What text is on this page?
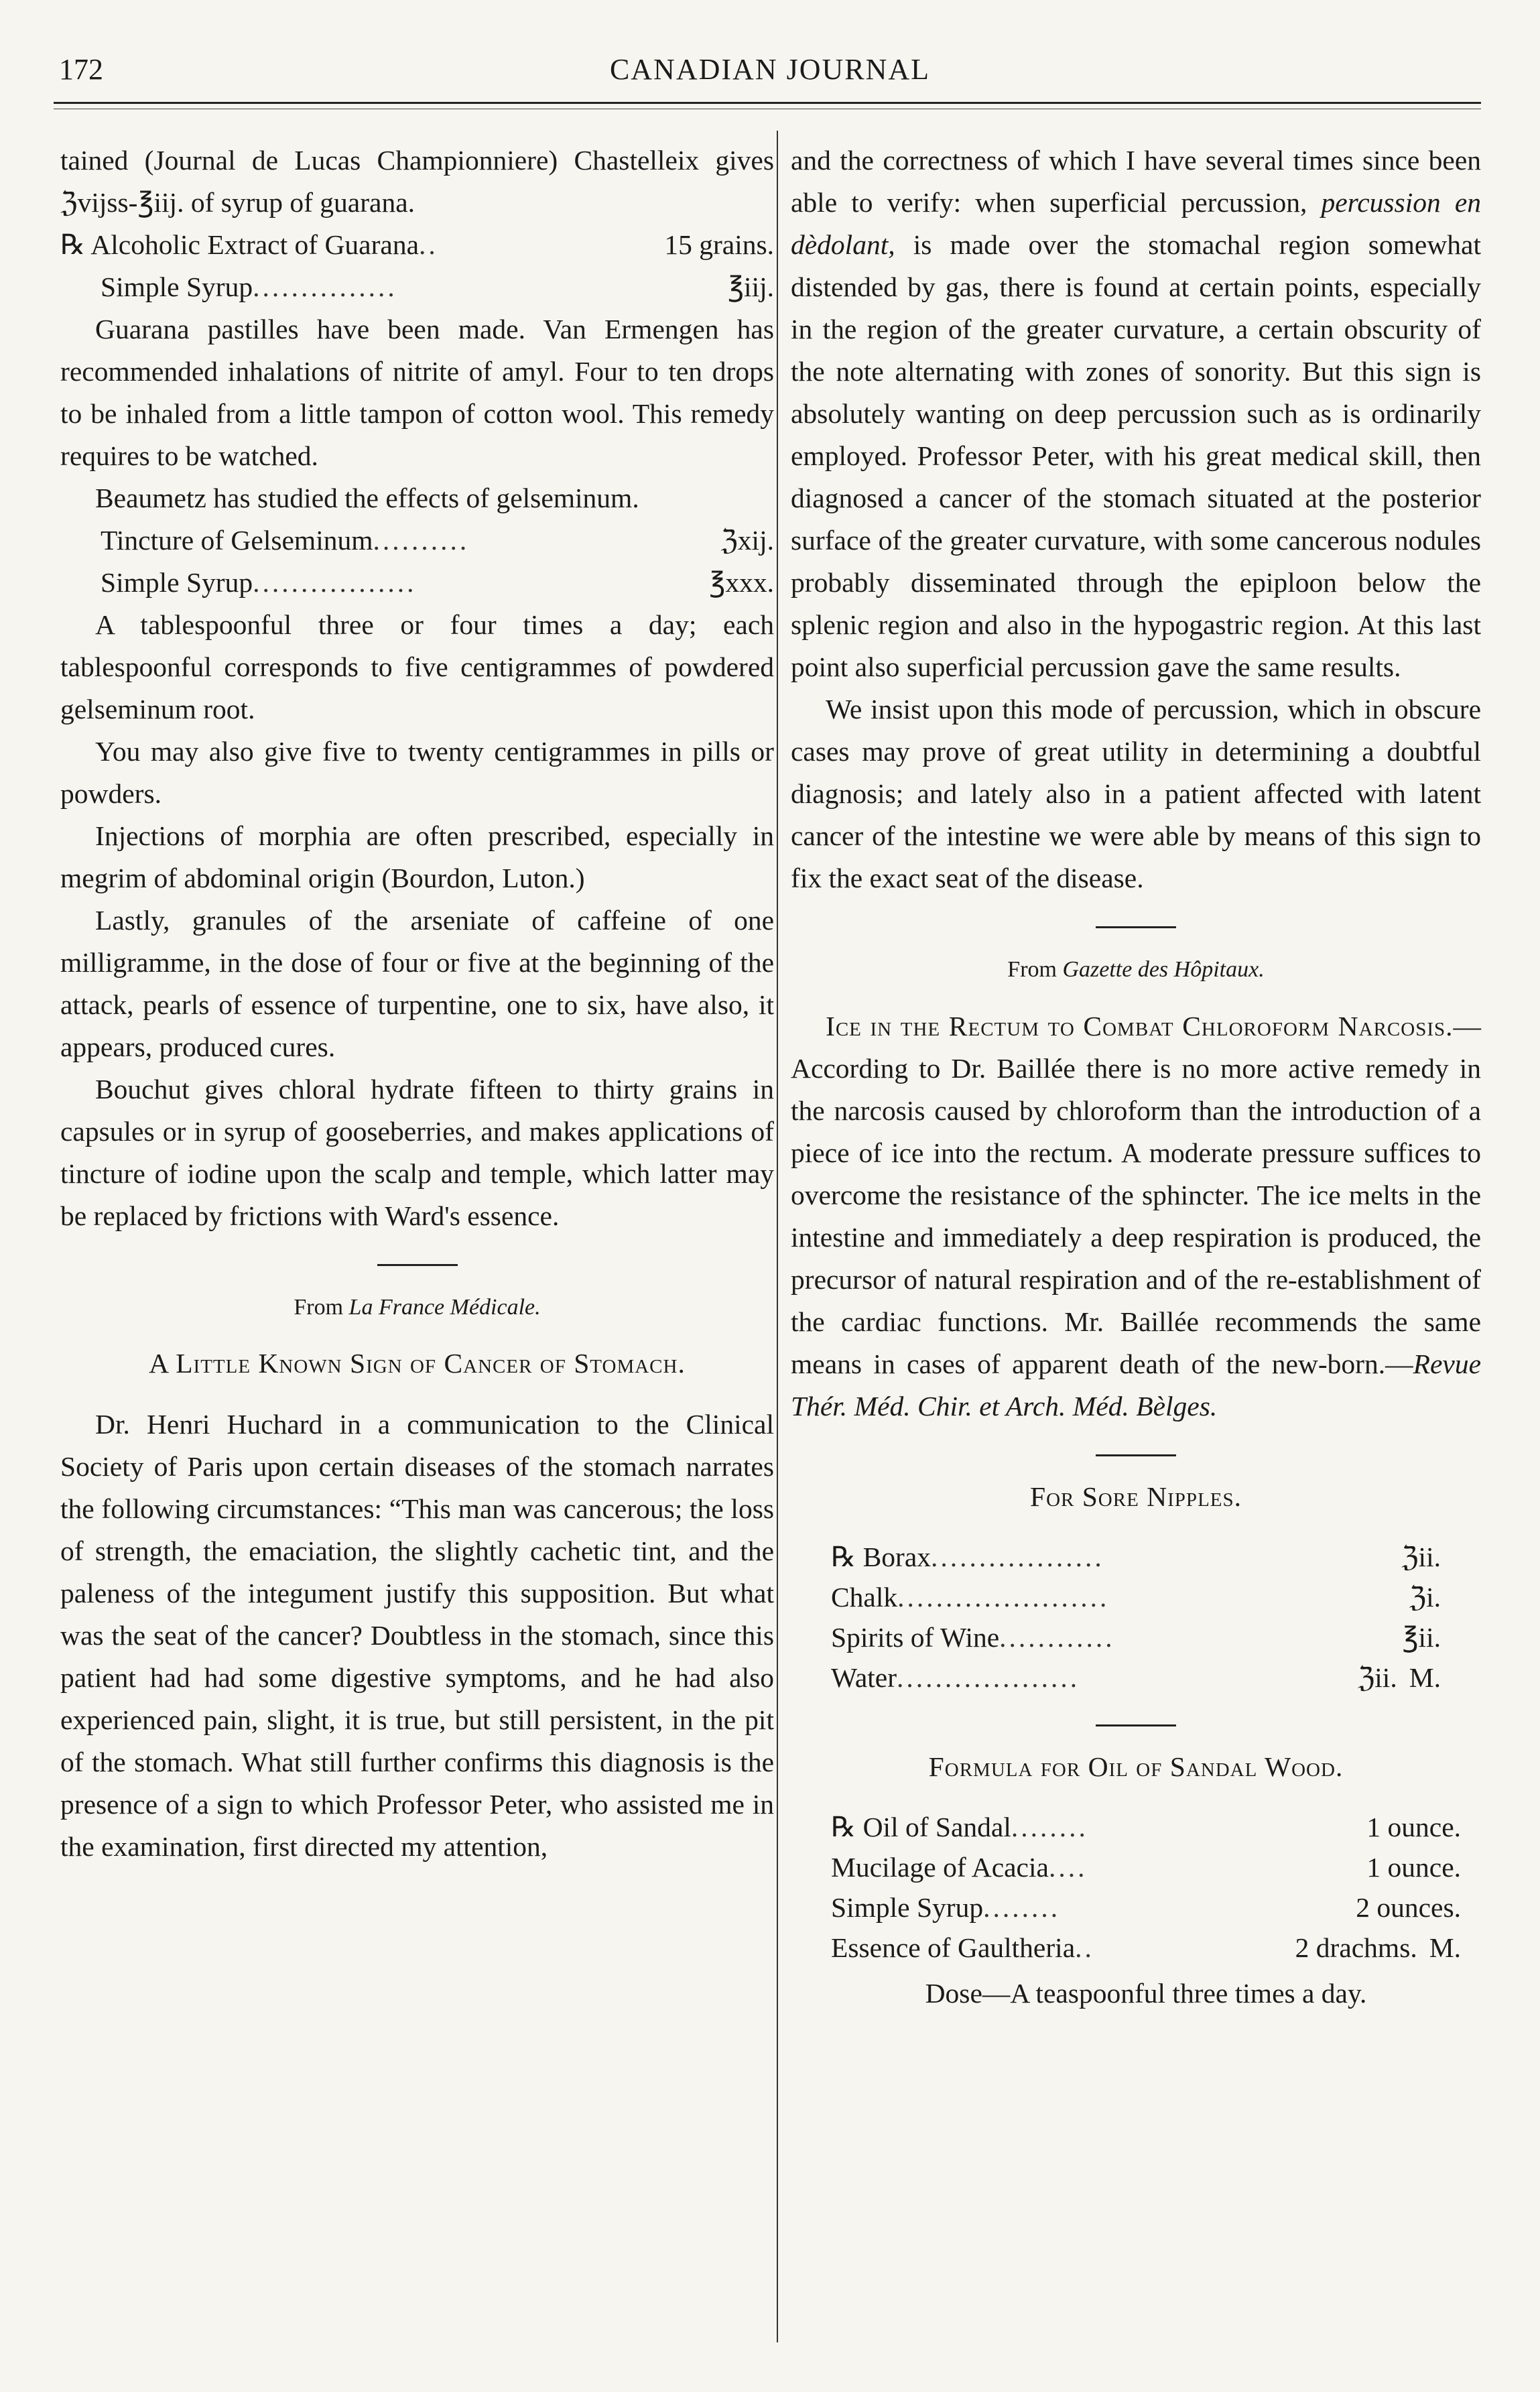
172	CANADIAN JOURNAL

tained (Journal de Lucas Championniere) Chastelleix gives ℨvijss-℥iij. of syrup of guarana.

℞ Alcoholic Extract of Guarana ..	15 grains.
Simple Syrup ...............	℥iij.

Guarana pastilles have been made. Van Ermengen has recommended inhalations of nitrite of amyl. Four to ten drops to be inhaled from a little tampon of cotton wool. This remedy requires to be watched.

Beaumetz has studied the effects of gelseminum.

Tincture of Gelseminum ..........	ℨxij.
Simple Syrup .................	℥xxx.

A tablespoonful three or four times a day; each tablespoonful corresponds to five centigrammes of powdered gelseminum root.

You may also give five to twenty centigrammes in pills or powders.

Injections of morphia are often prescribed, especially in megrim of abdominal origin (Bourdon, Luton.)

Lastly, granules of the arseniate of caffeine of one milligramme, in the dose of four or five at the beginning of the attack, pearls of essence of turpentine, one to six, have also, it appears, produced cures.

Bouchut gives chloral hydrate fifteen to thirty grains in capsules or in syrup of gooseberries, and makes applications of tincture of iodine upon the scalp and temple, which latter may be replaced by frictions with Ward's essence.

From La France Médicale.
A Little Known Sign of Cancer of Stomach.

Dr. Henri Huchard in a communication to the Clinical Society of Paris upon certain diseases of the stomach narrates the following circumstances: “This man was cancerous; the loss of strength, the emaciation, the slightly cachetic tint, and the paleness of the integument justify this supposition. But what was the seat of the cancer? Doubtless in the stomach, since this patient had had some digestive symptoms, and he had also experienced pain, slight, it is true, but still persistent, in the pit of the stomach. What still further confirms this diagnosis is the presence of a sign to which Professor Peter, who assisted me in the examination, first directed my attention,

and the correctness of which I have several times since been able to verify: when superficial percussion, percussion en dèdolant, is made over the stomachal region somewhat distended by gas, there is found at certain points, especially in the region of the greater curvature, a certain obscurity of the note alternating with zones of sonority. But this sign is absolutely wanting on deep percussion such as is ordinarily employed. Professor Peter, with his great medical skill, then diagnosed a cancer of the stomach situated at the posterior surface of the greater curvature, with some cancerous nodules probably disseminated through the epiploon below the splenic region and also in the hypogastric region. At this last point also superficial percussion gave the same results.

We insist upon this mode of percussion, which in obscure cases may prove of great utility in determining a doubtful diagnosis; and lately also in a patient affected with latent cancer of the intestine we were able by means of this sign to fix the exact seat of the disease.

From Gazette des Hôpitaux.

Ice in the Rectum to Combat Chloroform Narcosis.—According to Dr. Baillée there is no more active remedy in the narcosis caused by chloroform than the introduction of a piece of ice into the rectum. A moderate pressure suffices to overcome the resistance of the sphincter. The ice melts in the intestine and immediately a deep respiration is produced, the precursor of natural respiration and of the re-establishment of the cardiac functions. Mr. Baillée recommends the same means in cases of apparent death of the new-born.—Revue Thér. Méd. Chir. et Arch. Méd. Bèlges.

For Sore Nipples.
℞ Borax ..................	ℨii.
Chalk ......................	ℨi.
Spirits of Wine ............	℥ii.
Water ...................	ℨii. M.
Formula for Oil of Sandal Wood.
℞ Oil of Sandal ........	1 ounce.
Mucilage of Acacia ....	1 ounce.
Simple Syrup ........	2 ounces.
Essence of Gaultheria ..	2 drachms. M.
Dose—A teaspoonful three times a day.
